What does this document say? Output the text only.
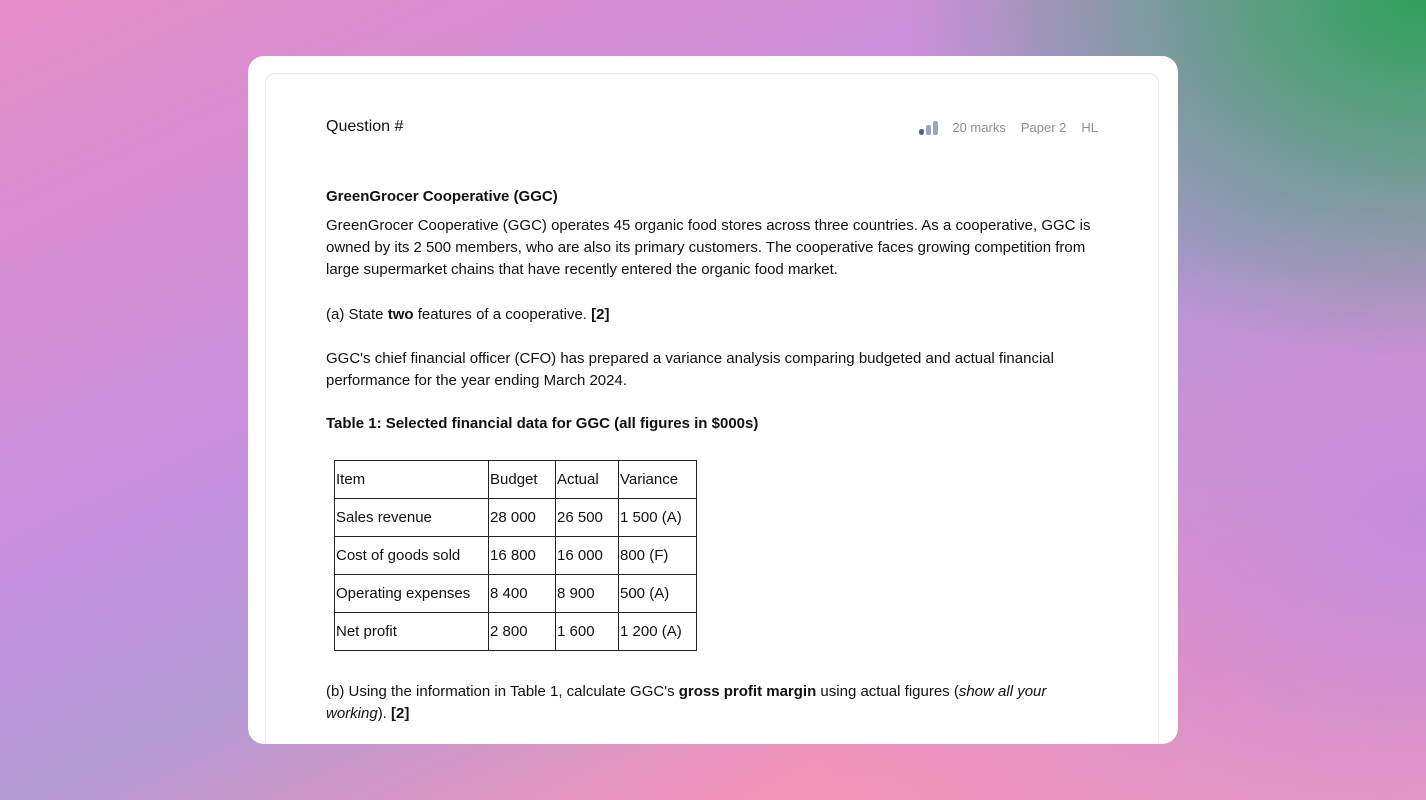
Question #	20 marks Paper 2 HL
GreenGrocer Cooperative (GGC)
GreenGrocer Cooperative (GGC) operates 45 organic food stores across three countries. As a cooperative, GGC is owned by its 2 500 members, who are also its primary customers. The cooperative faces growing competition from large supermarket chains that have recently entered the organic food market.
(a) State two features of a cooperative. [2]
GGC's chief financial officer (CFO) has prepared a variance analysis comparing budgeted and actual financial performance for the year ending March 2024.
Table 1: Selected financial data for GGC (all figures in $000s)
Item	Budget	Actual	Variance
Sales revenue	28 000	26 500	1 500 (A)
Cost of goods sold	16 800	16 000	800 (F)
Operating expenses	8 400	8 900	500 (A)
Net profit	2 800	1 600	1 200 (A)
(b) Using the information in Table 1, calculate GGC's gross profit margin using actual figures (show all your working). [2]
